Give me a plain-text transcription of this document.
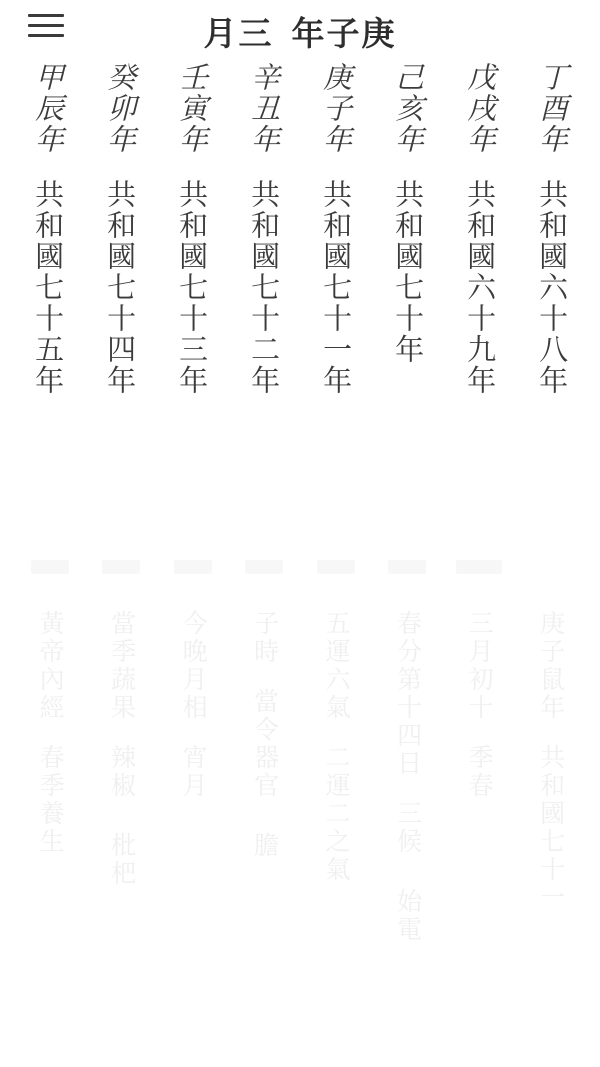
月三 年子庚
丁酉年
共和國六十八年
戊戌年
共和國六十九年
己亥年
共和國七十年
庚子年
共和國七十一年
辛丑年
共和國七十二年
壬寅年
共和國七十三年
癸卯年
共和國七十四年
甲辰年
共和國七十五年
庚子鼠年
共和國七十一
三月初十
季春
春分第十四日
三候 始電
五運六氣
二運二之氣
子時
當令器官 膽
今晚月相
宵月
當季蔬果
辣椒 枇杷
黃帝內經
春季養生
